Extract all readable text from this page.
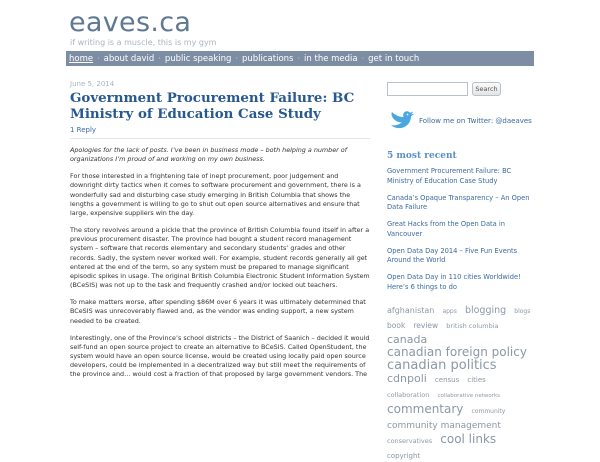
eaves.ca
if writing is a muscle, this is my gym
home · about david · public speaking · publications · in the media · get in touch
June 5, 2014
Government Procurement Failure: BC Ministry of Education Case Study
1 Reply

Apologies for the lack of posts. I’ve been in business mode – both helping a number of organizations I’m proud of and working on my own business.

For those interested in a frightening tale of inept procurement, poor judgement and downright dirty tactics when it comes to software procurement and government, there is a wonderfully sad and disturbing case study emerging in British Columbia that shows the lengths a government is willing to go to shut out open source alternatives and ensure that large, expensive suppliers win the day.

The story revolves around a pickle that the province of British Columbia found itself in after a previous procurement disaster. The province had bought a student record management system – software that records elementary and secondary students’ grades and other records. Sadly, the system never worked well. For example, student records generally all get entered at the end of the term, so any system must be prepared to manage significant episodic spikes in usage. The original British Columbia Electronic Student Information System (BCeSIS) was not up to the task and frequently crashed and/or locked out teachers.

To make matters worse, after spending $86M over 6 years it was ultimately determined that BCeSIS was unrecoverably flawed and, as the vendor was ending support, a new system needed to be created.

Interestingly, one of the Province’s school districts – the District of Saanich – decided it would self-fund an open source project to create an alternative to BCeSIS. Called OpenStudent, the system would have an open source license, would be created using locally paid open source developers, could be implemented in a decentralized way but still meet the requirements of the province and… would cost a fraction of that proposed by large government vendors. The

Search
Follow me on Twitter: @daeaves
5 most recent
Government Procurement Failure: BC Ministry of Education Case Study
Canada’s Opaque Transparency – An Open Data Failure
Great Hacks from the Open Data in Vancouver
Open Data Day 2014 – Five Fun Events Around the World
Open Data Day in 110 cities Worldwide! Here’s 6 things to do
afghanistan apps blogging blogs book review british columbia canada canadian foreign policy canadian politics cdnpoli census cities collaboration collaborative networks commentary community community management conservatives cool links copyright
